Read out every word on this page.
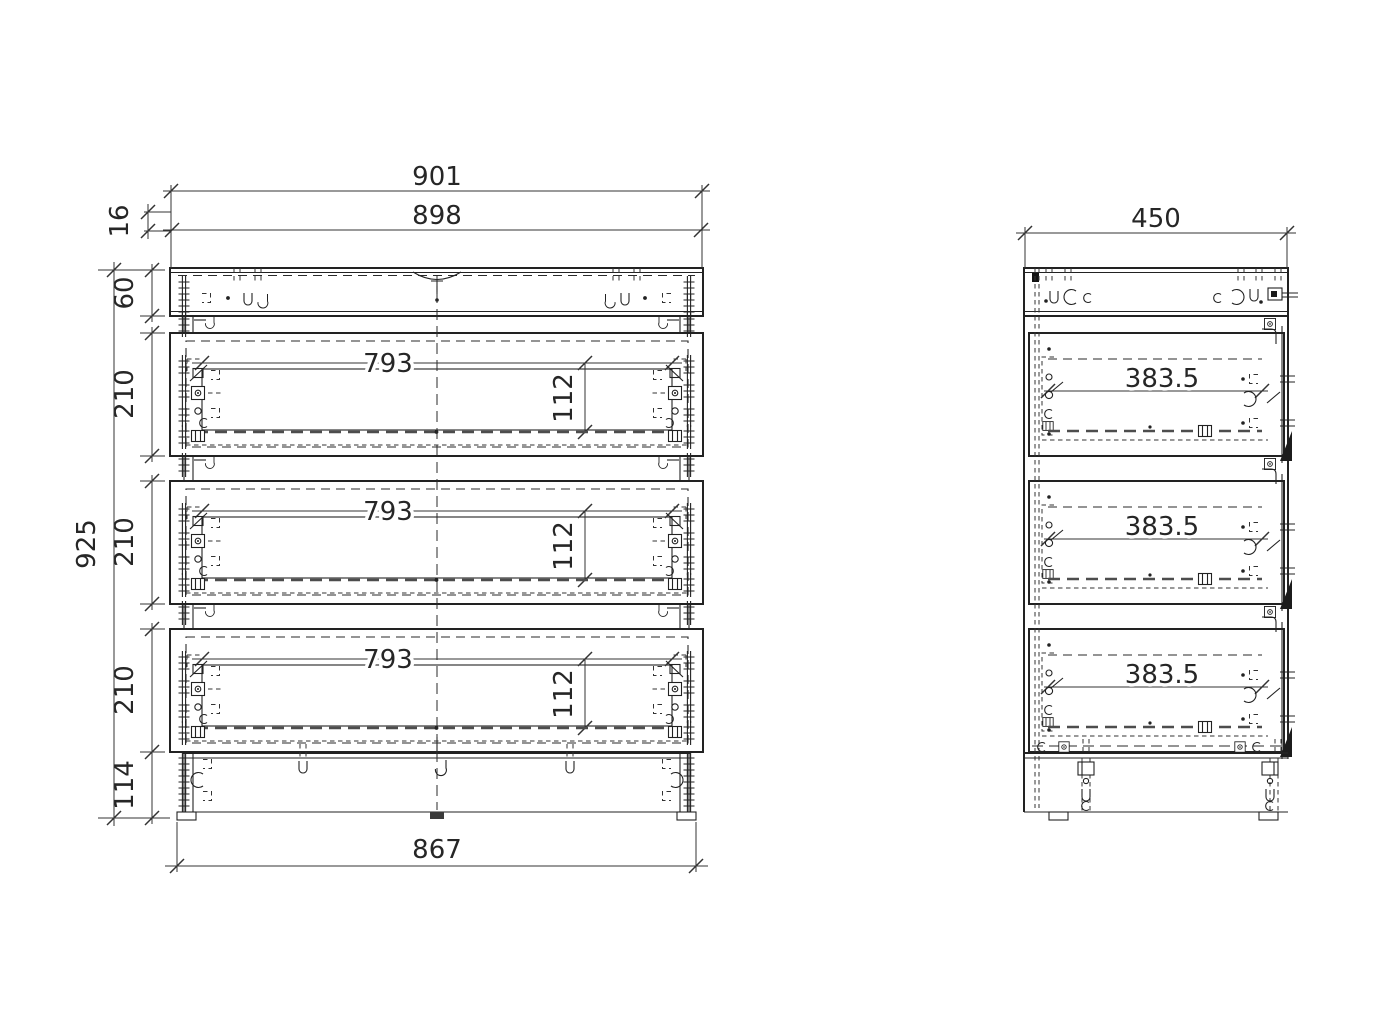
901
898
16
60
210
210
210
114
925
867
793
793
793
112
112
112
450
383.5
383.5
383.5
